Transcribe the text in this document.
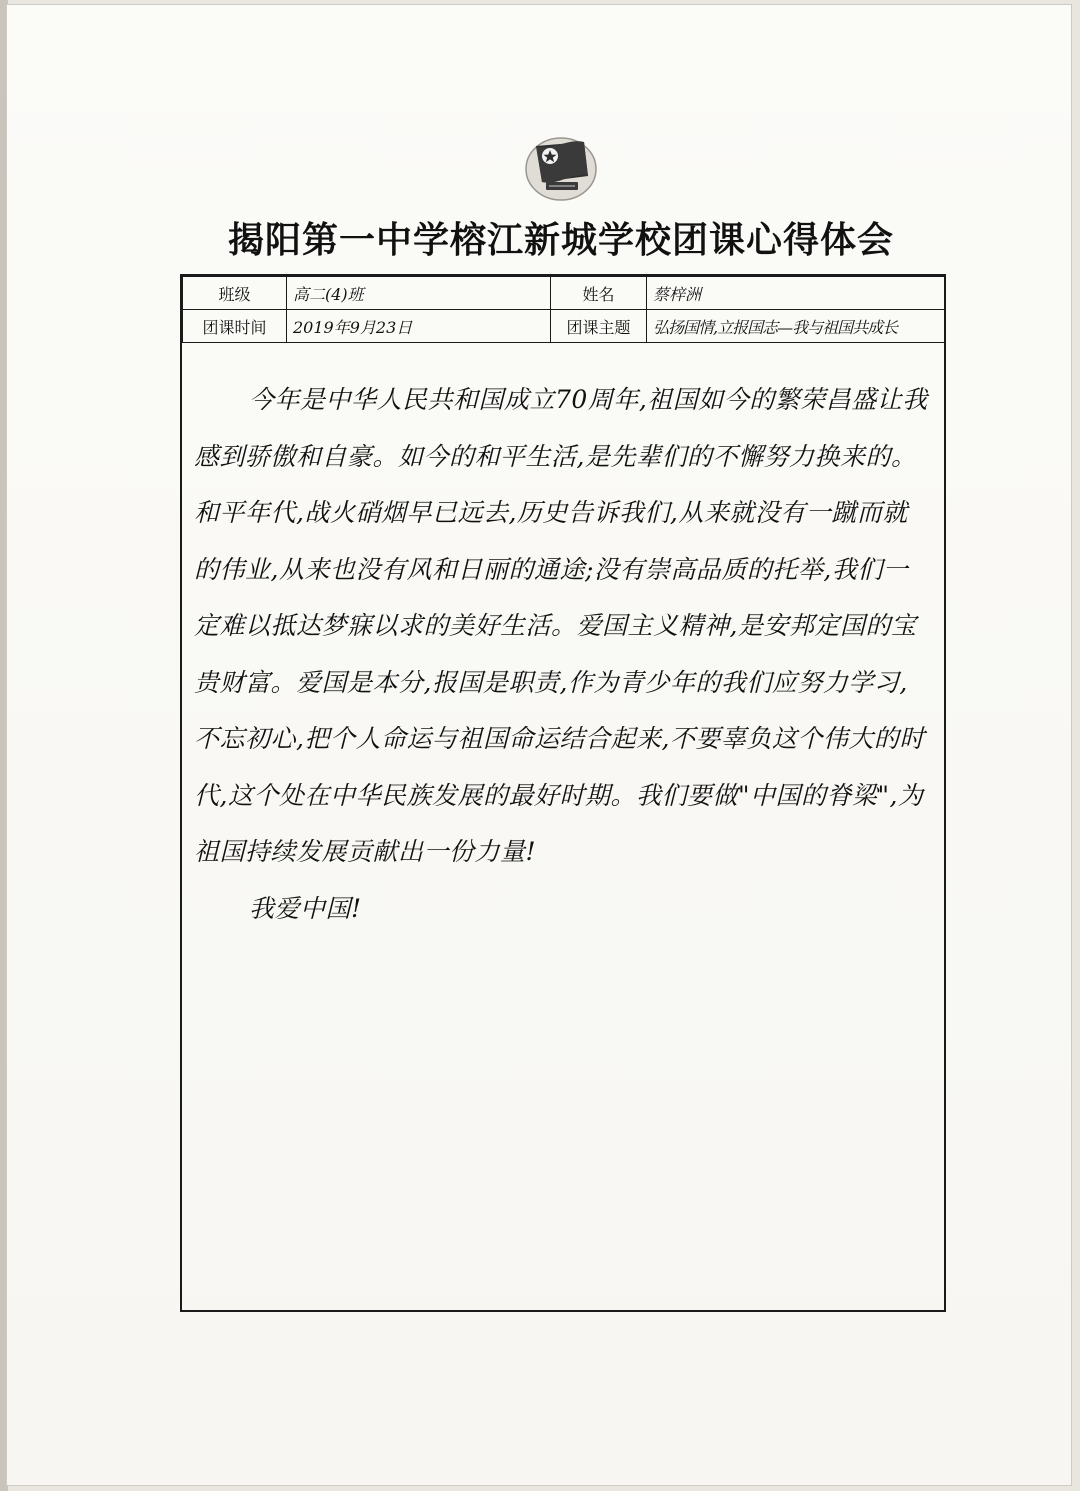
揭阳第一中学榕江新城学校团课心得体会
班级	高二(4)班	姓名	蔡梓洲
团课时间	2019年9月23日	团课主题	弘扬国情,立报国志—我与祖国共成长

今年是中华人民共和国成立70周年,祖国如今的繁荣昌盛让我感到骄傲和自豪。如今的和平生活,是先辈们的不懈努力换来的。和平年代,战火硝烟早已远去,历史告诉我们,从来就没有一蹴而就的伟业,从来也没有风和日丽的通途;没有崇高品质的托举,我们一定难以抵达梦寐以求的美好生活。爱国主义精神,是安邦定国的宝贵财富。爱国是本分,报国是职责,作为青少年的我们应努力学习,不忘初心,把个人命运与祖国命运结合起来,不要辜负这个伟大的时代,这个处在中华民族发展的最好时期。我们要做"中国的脊梁",为祖国持续发展贡献出一份力量!

我爱中国!
